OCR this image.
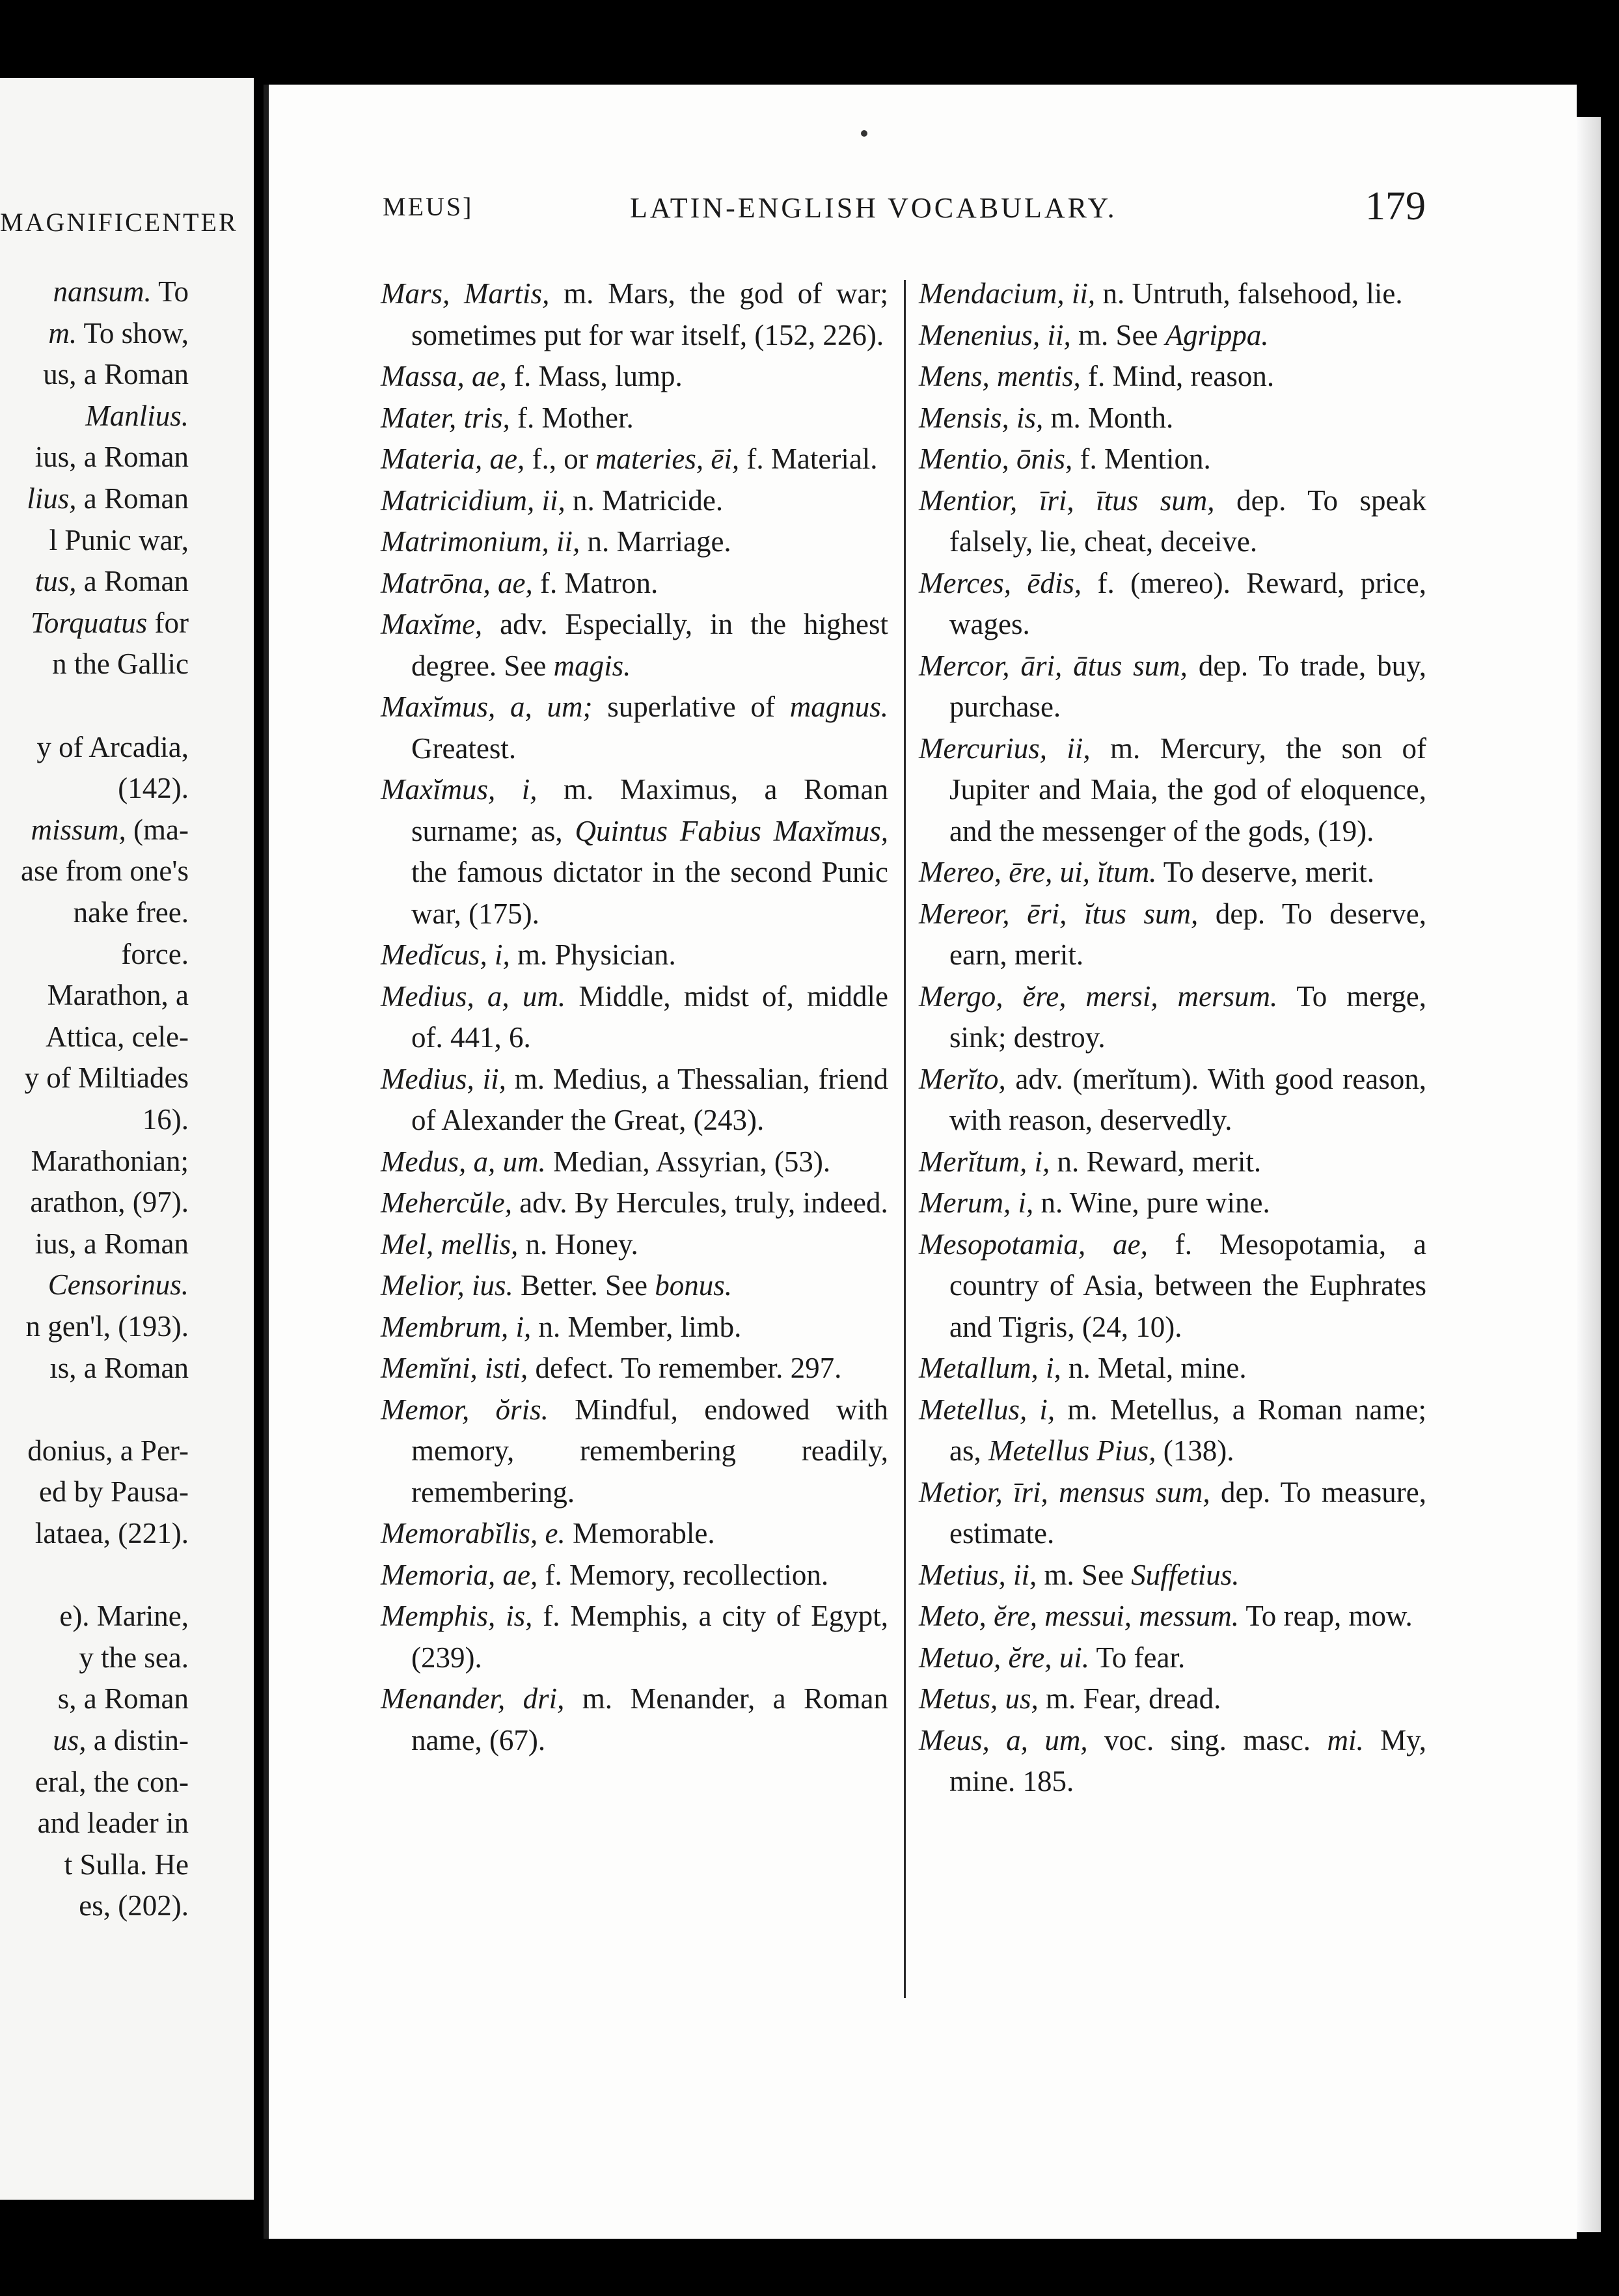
MAGNIFICENTER
nansum. To
m. To show,
us, a Roman
Manlius.
ius, a Roman
lius, a Roman
l Punic war,
tus, a Roman
Torquatus for
n the Gallic
y of Arcadia,
(142).
missum, (ma-
ase from one's
nake free.
force.
Marathon, a
Attica, cele-
y of Miltiades
16).
Marathonian;
arathon, (97).
ius, a Roman
Censorinus.
n gen'l, (193).
ıs, a Roman
donius, a Per-
ed by Pausa-
lataea, (221).
e). Marine,
y the sea.
s, a Roman
us, a distin-
eral, the con-
and leader in
t Sulla. He
es, (202).
MEUS]	LATIN-ENGLISH VOCABULARY.	179

Mars, Martis, m. Mars, the god of war; sometimes put for war itself, (152, 226).

Massa, ae, f. Mass, lump.

Mater, tris, f. Mother.

Materia, ae, f., or materies, ēi, f. Material.

Matricidium, ii, n. Matricide.

Matrimonium, ii, n. Marriage.

Matrōna, ae, f. Matron.

Maxĭme, adv. Especially, in the highest degree. See magis.

Maxĭmus, a, um; superlative of magnus. Greatest.

Maxĭmus, i, m. Maximus, a Roman surname; as, Quintus Fabius Maxĭmus, the famous dictator in the second Punic war, (175).

Medĭcus, i, m. Physician.

Medius, a, um. Middle, midst of, middle of. 441, 6.

Medius, ii, m. Medius, a Thessalian, friend of Alexander the Great, (243).

Medus, a, um. Median, Assyrian, (53).

Mehercŭle, adv. By Hercules, truly, indeed.

Mel, mellis, n. Honey.

Melior, ius. Better. See bonus.

Membrum, i, n. Member, limb.

Memĭni, isti, defect. To remember. 297.

Memor, ŏris. Mindful, endowed with memory, remembering readily, remembering.

Memorabĭlis, e. Memorable.

Memoria, ae, f. Memory, recollection.

Memphis, is, f. Memphis, a city of Egypt, (239).

Menander, dri, m. Menander, a Roman name, (67).

Mendacium, ii, n. Untruth, falsehood, lie.

Menenius, ii, m. See Agrippa.

Mens, mentis, f. Mind, reason.

Mensis, is, m. Month.

Mentio, ōnis, f. Mention.

Mentior, īri, ītus sum, dep. To speak falsely, lie, cheat, deceive.

Merces, ēdis, f. (mereo). Reward, price, wages.

Mercor, āri, ātus sum, dep. To trade, buy, purchase.

Mercurius, ii, m. Mercury, the son of Jupiter and Maia, the god of eloquence, and the messenger of the gods, (19).

Mereo, ēre, ui, ĭtum. To deserve, merit.

Mereor, ēri, ĭtus sum, dep. To deserve, earn, merit.

Mergo, ĕre, mersi, mersum. To merge, sink; destroy.

Merĭto, adv. (merĭtum). With good reason, with reason, deservedly.

Merĭtum, i, n. Reward, merit.

Merum, i, n. Wine, pure wine.

Mesopotamia, ae, f. Mesopotamia, a country of Asia, between the Euphrates and Tigris, (24, 10).

Metallum, i, n. Metal, mine.

Metellus, i, m. Metellus, a Roman name; as, Metellus Pius, (138).

Metior, īri, mensus sum, dep. To measure, estimate.

Metius, ii, m. See Suffetius.

Meto, ĕre, messui, messum. To reap, mow.

Metuo, ĕre, ui. To fear.

Metus, us, m. Fear, dread.

Meus, a, um, voc. sing. masc. mi. My, mine. 185.
